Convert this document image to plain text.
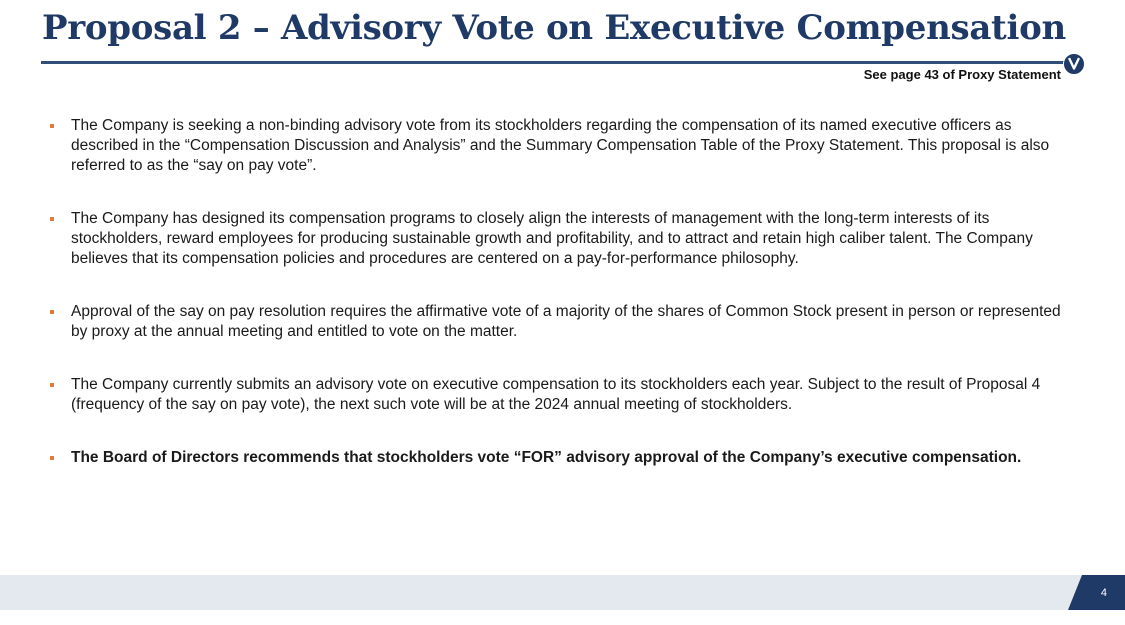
Proposal 2 – Advisory Vote on Executive Compensation
See page 43 of Proxy Statement
The Company is seeking a non-binding advisory vote from its stockholders regarding the compensation of its named executive officers as described in the “Compensation Discussion and Analysis” and the Summary Compensation Table of the Proxy Statement. This proposal is also referred to as the “say on pay vote”.
The Company has designed its compensation programs to closely align the interests of management with the long-term interests of its stockholders, reward employees for producing sustainable growth and profitability, and to attract and retain high caliber talent. The Company believes that its compensation policies and procedures are centered on a pay-for-performance philosophy.
Approval of the say on pay resolution requires the affirmative vote of a majority of the shares of Common Stock present in person or represented by proxy at the annual meeting and entitled to vote on the matter.
The Company currently submits an advisory vote on executive compensation to its stockholders each year. Subject to the result of Proposal 4 (frequency of the say on pay vote), the next such vote will be at the 2024 annual meeting of stockholders.
The Board of Directors recommends that stockholders vote “FOR” advisory approval of the Company’s executive compensation.
4
